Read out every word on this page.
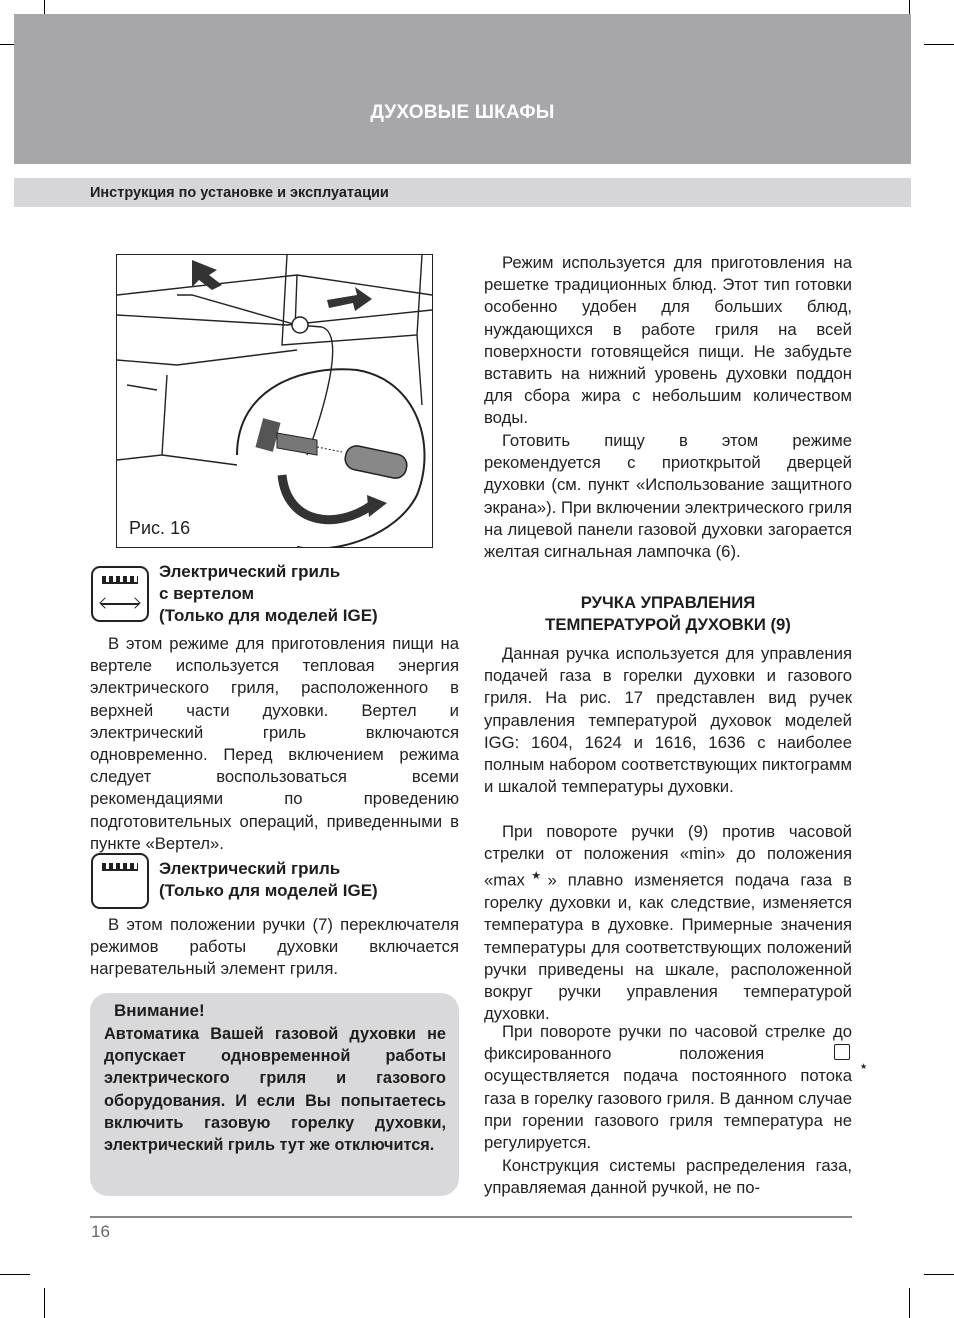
ДУХОВЫЕ ШКАФЫ
Инструкция по установке и эксплуатации
Рис. 16
Электрический гриль
с вертелом
(Только для моделей IGE)

В этом режиме для приготовления пищи на вертеле используется тепловая энергия электрического гриля, расположенного в верхней части духовки. Вертел и электрический гриль включаются одновременно. Перед включением режима следует воспользоваться всеми рекомендациями по проведению подготовительных операций, приведенными в пункте «Вертел».

Электрический гриль
(Только для моделей IGE)

В этом положении ручки (7) переключателя режимов работы духовки включается нагревательный элемент гриля.

Внимание!

Автоматика Вашей газовой духовки не допускает одновременной работы электрического гриля и газового оборудования. И если Вы попытаетесь включить газовую горелку духовки, электрический гриль тут же отключится.

Режим используется для приготовления на решетке традиционных блюд. Этот тип готовки особенно удобен для больших блюд, нуждающихся в работе гриля на всей поверхности готовящейся пищи. Не забудьте вставить на нижний уровень духовки поддон для сбора жира с небольшим количеством воды.

Готовить пищу в этом режиме рекомендуется с приоткрытой дверцей духовки (см. пункт «Использование защитного экрана»). При включении электрического гриля на лицевой панели газовой духовки загорается желтая сигнальная лампочка (6).

РУЧКА УПРАВЛЕНИЯ
ТЕМПЕРАТУРОЙ ДУХОВКИ (9)

Данная ручка используется для управления подачей газа в горелки духовки и газового гриля. На рис. 17 представлен вид ручек управления температурой духовок моделей IGG: 1604, 1624 и 1616, 1636 с наиболее полным набором соответствующих пиктограмм и шкалой температуры духовки.

При повороте ручки (9) против часовой стрелки от положения «min» до положения «max★» плавно изменяется подача газа в горелку духовки и, как следствие, изменяется температура в духовке. Примерные значения температуры для соответствующих положений ручки приведены на шкале, расположенной вокруг ручки управления температурой духовки.

При повороте ручки по часовой стрелке до фиксированного положения ★ осуществляется подача постоянного потока газа в горелку газового гриля. В данном случае при горении газового гриля температура не регулируется.

Конструкция системы распределения газа, управляемая данной ручкой, не по-

16
